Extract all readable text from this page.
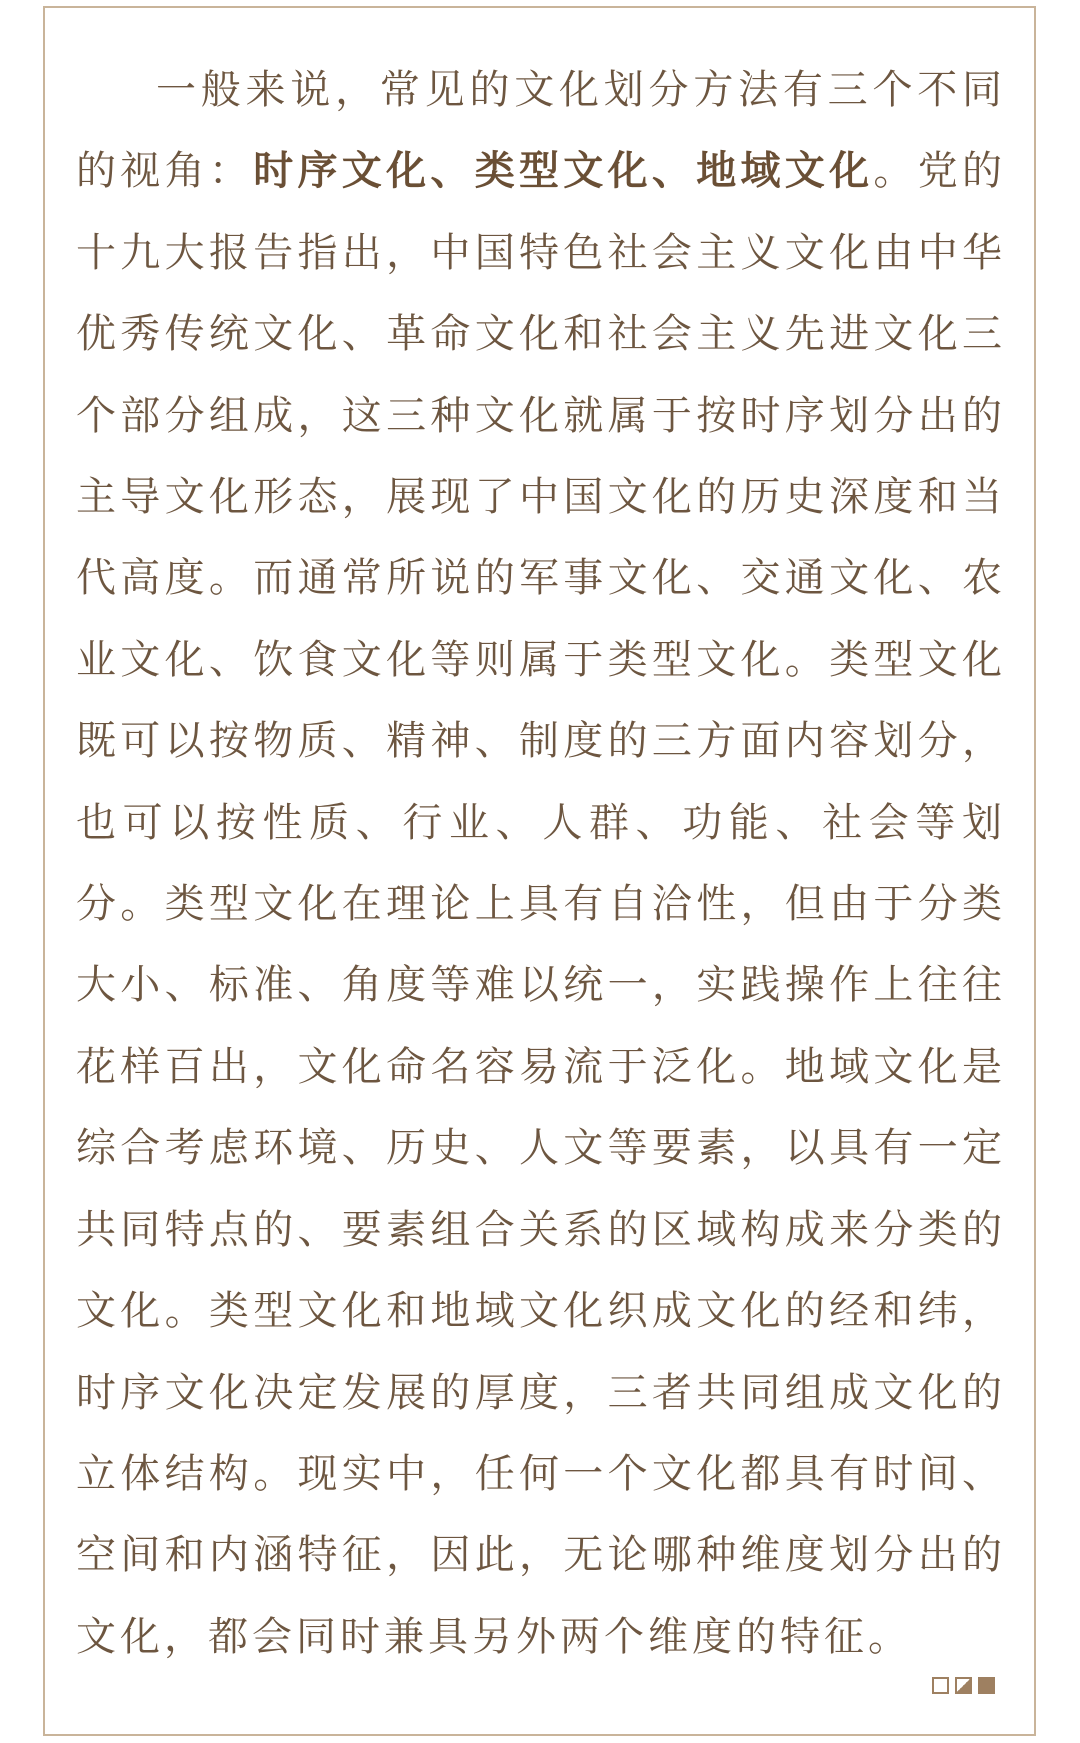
一般来说，常见的文化划分方法有三个不同的视角：时序文化、类型文化、地域文化。党的十九大报告指出，中国特色社会主义文化由中华优秀传统文化、革命文化和社会主义先进文化三个部分组成，这三种文化就属于按时序划分出的主导文化形态，展现了中国文化的历史深度和当代高度。而通常所说的军事文化、交通文化、农业文化、饮食文化等则属于类型文化。类型文化既可以按物质、精神、制度的三方面内容划分，也可以按性质、行业、人群、功能、社会等划分。类型文化在理论上具有自洽性，但由于分类大小、标准、角度等难以统一，实践操作上往往花样百出，文化命名容易流于泛化。地域文化是综合考虑环境、历史、人文等要素，以具有一定共同特点的、要素组合关系的区域构成来分类的文化。类型文化和地域文化织成文化的经和纬，时序文化决定发展的厚度，三者共同组成文化的立体结构。现实中，任何一个文化都具有时间、空间和内涵特征，因此，无论哪种维度划分出的文化，都会同时兼具另外两个维度的特征。
